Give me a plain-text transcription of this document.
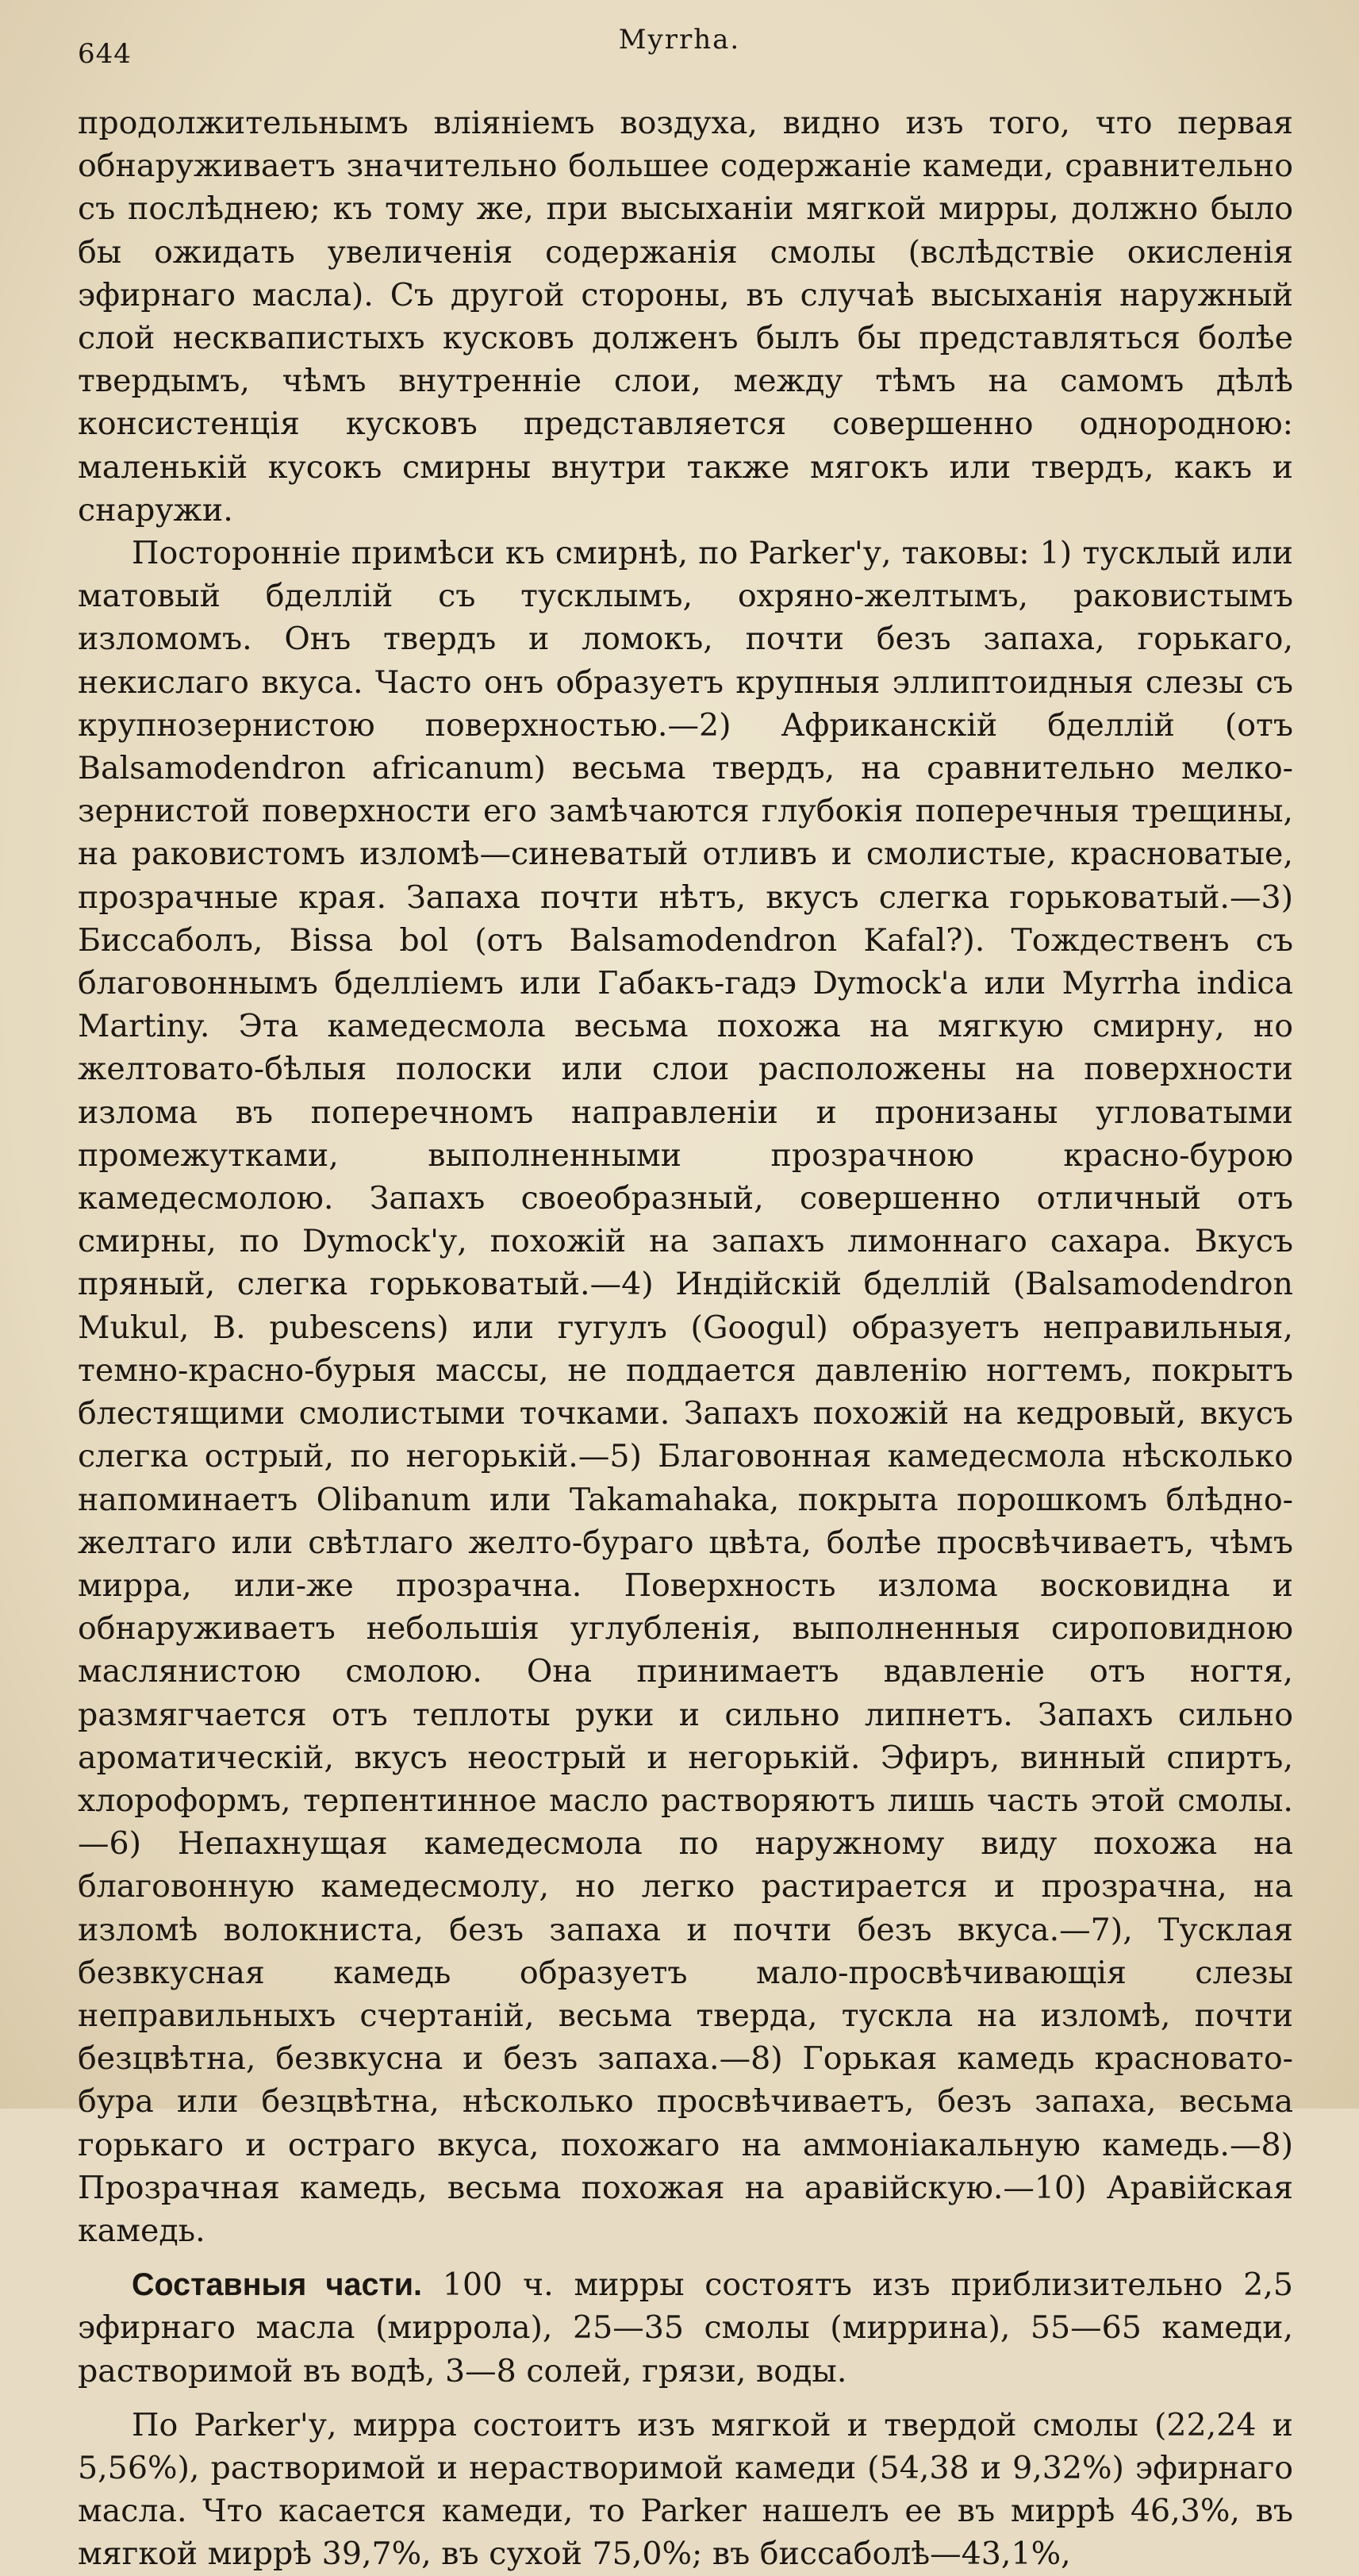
644	Myrrha.

продолжительнымъ вліяніемъ воздуха, видно изъ того, что первая обнаруживаетъ значительно большее содержаніе камеди, сравнительно съ послѣднею; къ тому же, при высыханіи мягкой мирры, должно было бы ожидать увеличенія содержанія смолы (вслѣдствіе окисленія эфирнаго масла). Съ другой стороны, въ случаѣ высыханія наружный слой несквапистыхъ кусковъ долженъ былъ бы представляться болѣе твердымъ, чѣмъ внутренніе слои, между тѣмъ на самомъ дѣлѣ консистенція кусковъ представляется совершенно однородною: маленькій кусокъ смирны внутри также мягокъ или твердъ, какъ и снаружи.

Посторонніе примѣси къ смирнѣ, по Parker'у, таковы: 1) тусклый или матовый бделлій съ тусклымъ, охряно-желтымъ, раковистымъ изломомъ. Онъ твердъ и ломокъ, почти безъ запаха, горькаго, некислаго вкуса. Часто онъ образуетъ крупныя эллиптоидныя слезы съ крупнозернистою поверхностью.—2) Африканскій бделлій (отъ Balsamodendron africanum) весьма твердъ, на сравнительно мелко-зернистой поверхности его замѣчаются глубокія поперечныя трещины, на раковистомъ изломѣ—синеватый отливъ и смолистые, красноватые, прозрачные края. Запаха почти нѣтъ, вкусъ слегка горьковатый.—3) Биссаболъ, Bissa bol (отъ Balsamodendron Kafal?). Тождественъ съ благовоннымъ бделліемъ или Габакъ-гадэ Dymock'a или Myrrha indica Martiny. Эта камедесмола весьма похожа на мягкую смирну, но желтовато-бѣлыя полоски или слои расположены на поверхности излома въ поперечномъ направленіи и пронизаны угловатыми промежутками, выполненными прозрачною красно-бурою камедесмолою. Запахъ своеобразный, совершенно отличный отъ смирны, по Dymock'у, похожій на запахъ лимоннаго сахара. Вкусъ пряный, слегка горьковатый.—4) Индійскій бделлій (Balsamodendron Mukul, B. pubescens) или гугулъ (Googul) образуетъ неправильныя, темно-красно-бурыя массы, не поддается давленію ногтемъ, покрытъ блестящими смолистыми точками. Запахъ похожій на кедровый, вкусъ слегка острый, по негорькій.—5) Благовонная камедесмола нѣсколько напоминаетъ Olibanum или Takamahaka, покрыта порошкомъ блѣдно-желтаго или свѣтлаго желто-бураго цвѣта, болѣе просвѣчиваетъ, чѣмъ мирра, или-же прозрачна. Поверхность излома восковидна и обнаруживаетъ небольшія углубленія, выполненныя сироповидною маслянистою смолою. Она принимаетъ вдавленіе отъ ногтя, размягчается отъ теплоты руки и сильно липнетъ. Запахъ сильно ароматическій, вкусъ неострый и негорькій. Эфиръ, винный спиртъ, хлороформъ, терпентинное масло растворяютъ лишь часть этой смолы.—6) Непахнущая камедесмола по наружному виду похожа на благовонную камедесмолу, но легко растирается и прозрачна, на изломѣ волокниста, безъ запаха и почти безъ вкуса.—7), Тусклая безвкусная камедь образуетъ мало-просвѣчивающія слезы неправильныхъ счертаній, весьма тверда, тускла на изломѣ, почти безцвѣтна, безвкусна и безъ запаха.—8) Горькая камедь красновато-бура или безцвѣтна, нѣсколько просвѣчиваетъ, безъ запаха, весьма горькаго и остраго вкуса, похожаго на аммоніакальную камедь.—8) Прозрачная камедь, весьма похожая на аравійскую.—10) Аравійская камедь.

Составныя части. 100 ч. мирры состоятъ изъ приблизительно 2,5 эфирнаго масла (миррола), 25—35 смолы (миррина), 55—65 камеди, растворимой въ водѣ, 3—8 солей, грязи, воды.

По Parker'у, мирра состоитъ изъ мягкой и твердой смолы (22,24 и 5,56%), растворимой и нерастворимой камеди (54,38 и 9,32%) эфирнаго масла. Что касается камеди, то Parker нашелъ ее въ миррѣ 46,3%, въ мягкой миррѣ 39,7%, въ сухой 75,0%; въ биссаболѣ—43,1%,
